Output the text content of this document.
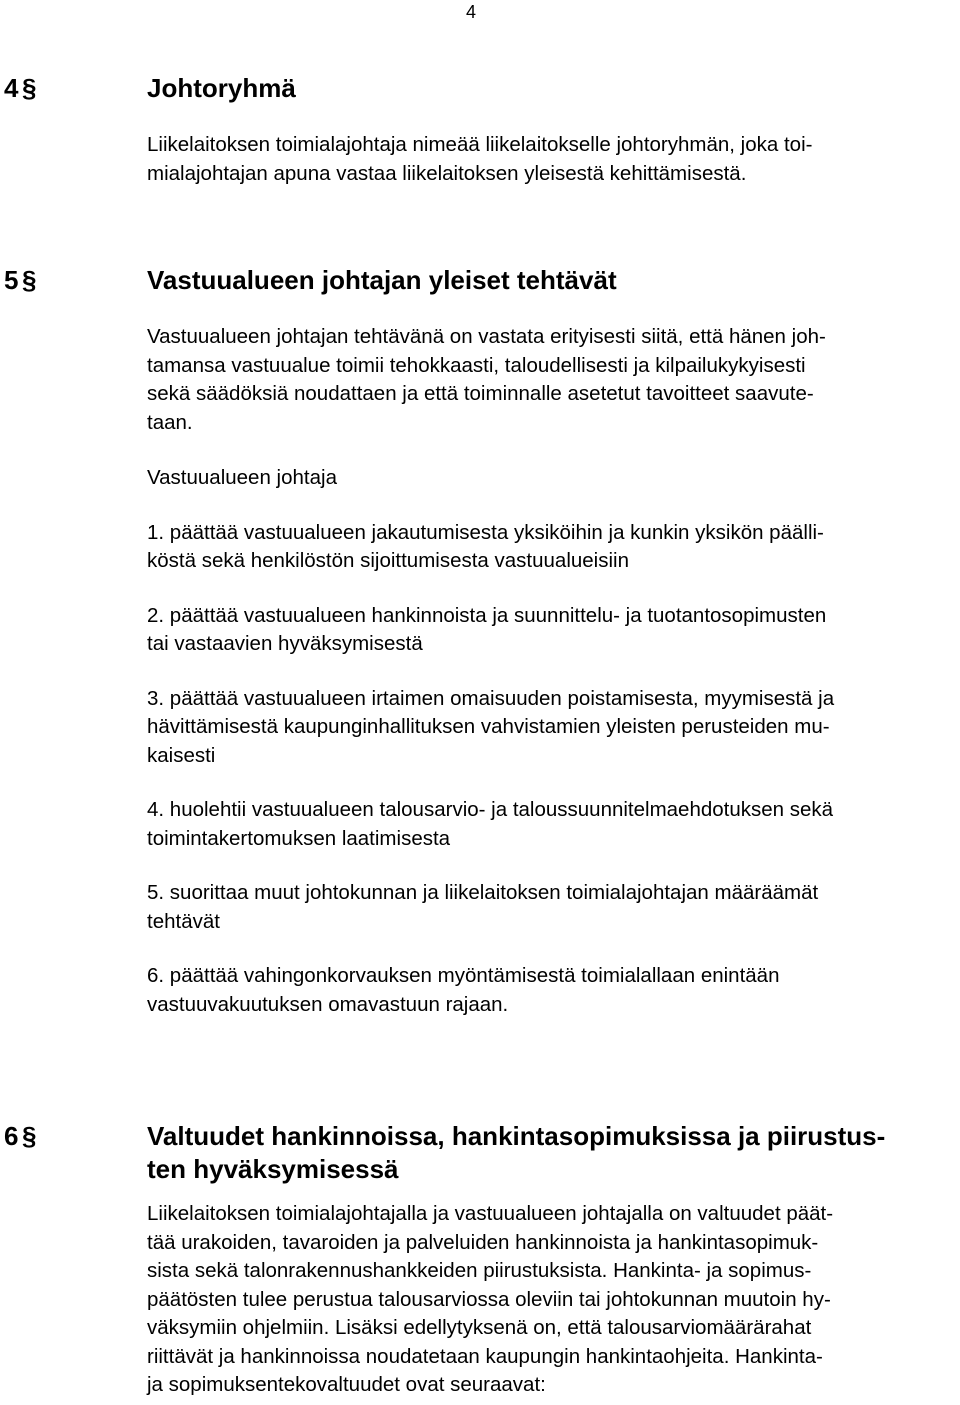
4
4 §	Johtoryhmä
Liikelaitoksen toimialajohtaja nimeää liikelaitokselle johtoryhmän, joka toi-
mialajohtajan apuna vastaa liikelaitoksen yleisestä kehittämisestä.
5 §	Vastuualueen johtajan yleiset tehtävät
Vastuualueen johtajan tehtävänä on vastata erityisesti siitä, että hänen joh-
tamansa vastuualue toimii tehokkaasti, taloudellisesti ja kilpailukykyisesti
sekä säädöksiä noudattaen ja että toiminnalle asetetut tavoitteet saavute-
taan.
Vastuualueen johtaja
1. päättää vastuualueen jakautumisesta yksiköihin ja kunkin yksikön päälli-
köstä sekä henkilöstön sijoittumisesta vastuualueisiin
2. päättää vastuualueen hankinnoista ja suunnittelu- ja tuotantosopimusten
tai vastaavien hyväksymisestä
3. päättää vastuualueen irtaimen omaisuuden poistamisesta, myymisestä ja
hävittämisestä kaupunginhallituksen vahvistamien yleisten perusteiden mu-
kaisesti
4. huolehtii vastuualueen talousarvio- ja taloussuunnitelmaehdotuksen sekä
toimintakertomuksen laatimisesta
5. suorittaa muut johtokunnan ja liikelaitoksen toimialajohtajan määräämät
tehtävät
6. päättää vahingonkorvauksen myöntämisestä toimialallaan enintään
vastuuvakuutuksen omavastuun rajaan.
6 §	Valtuudet hankinnoissa, hankintasopimuksissa ja piirustus-
ten hyväksymisessä
Liikelaitoksen toimialajohtajalla ja vastuualueen johtajalla on valtuudet päät-
tää urakoiden, tavaroiden ja palveluiden hankinnoista ja hankintasopimuk-
sista sekä talonrakennushankkeiden piirustuksista. Hankinta- ja sopimus-
päätösten tulee perustua talousarviossa oleviin tai johtokunnan muutoin hy-
väksymiin ohjelmiin. Lisäksi edellytyksenä on, että talousarviomäärärahat
riittävät ja hankinnoissa noudatetaan kaupungin hankintaohjeita. Hankinta-
ja sopimuksentekovaltuudet ovat seuraavat:
